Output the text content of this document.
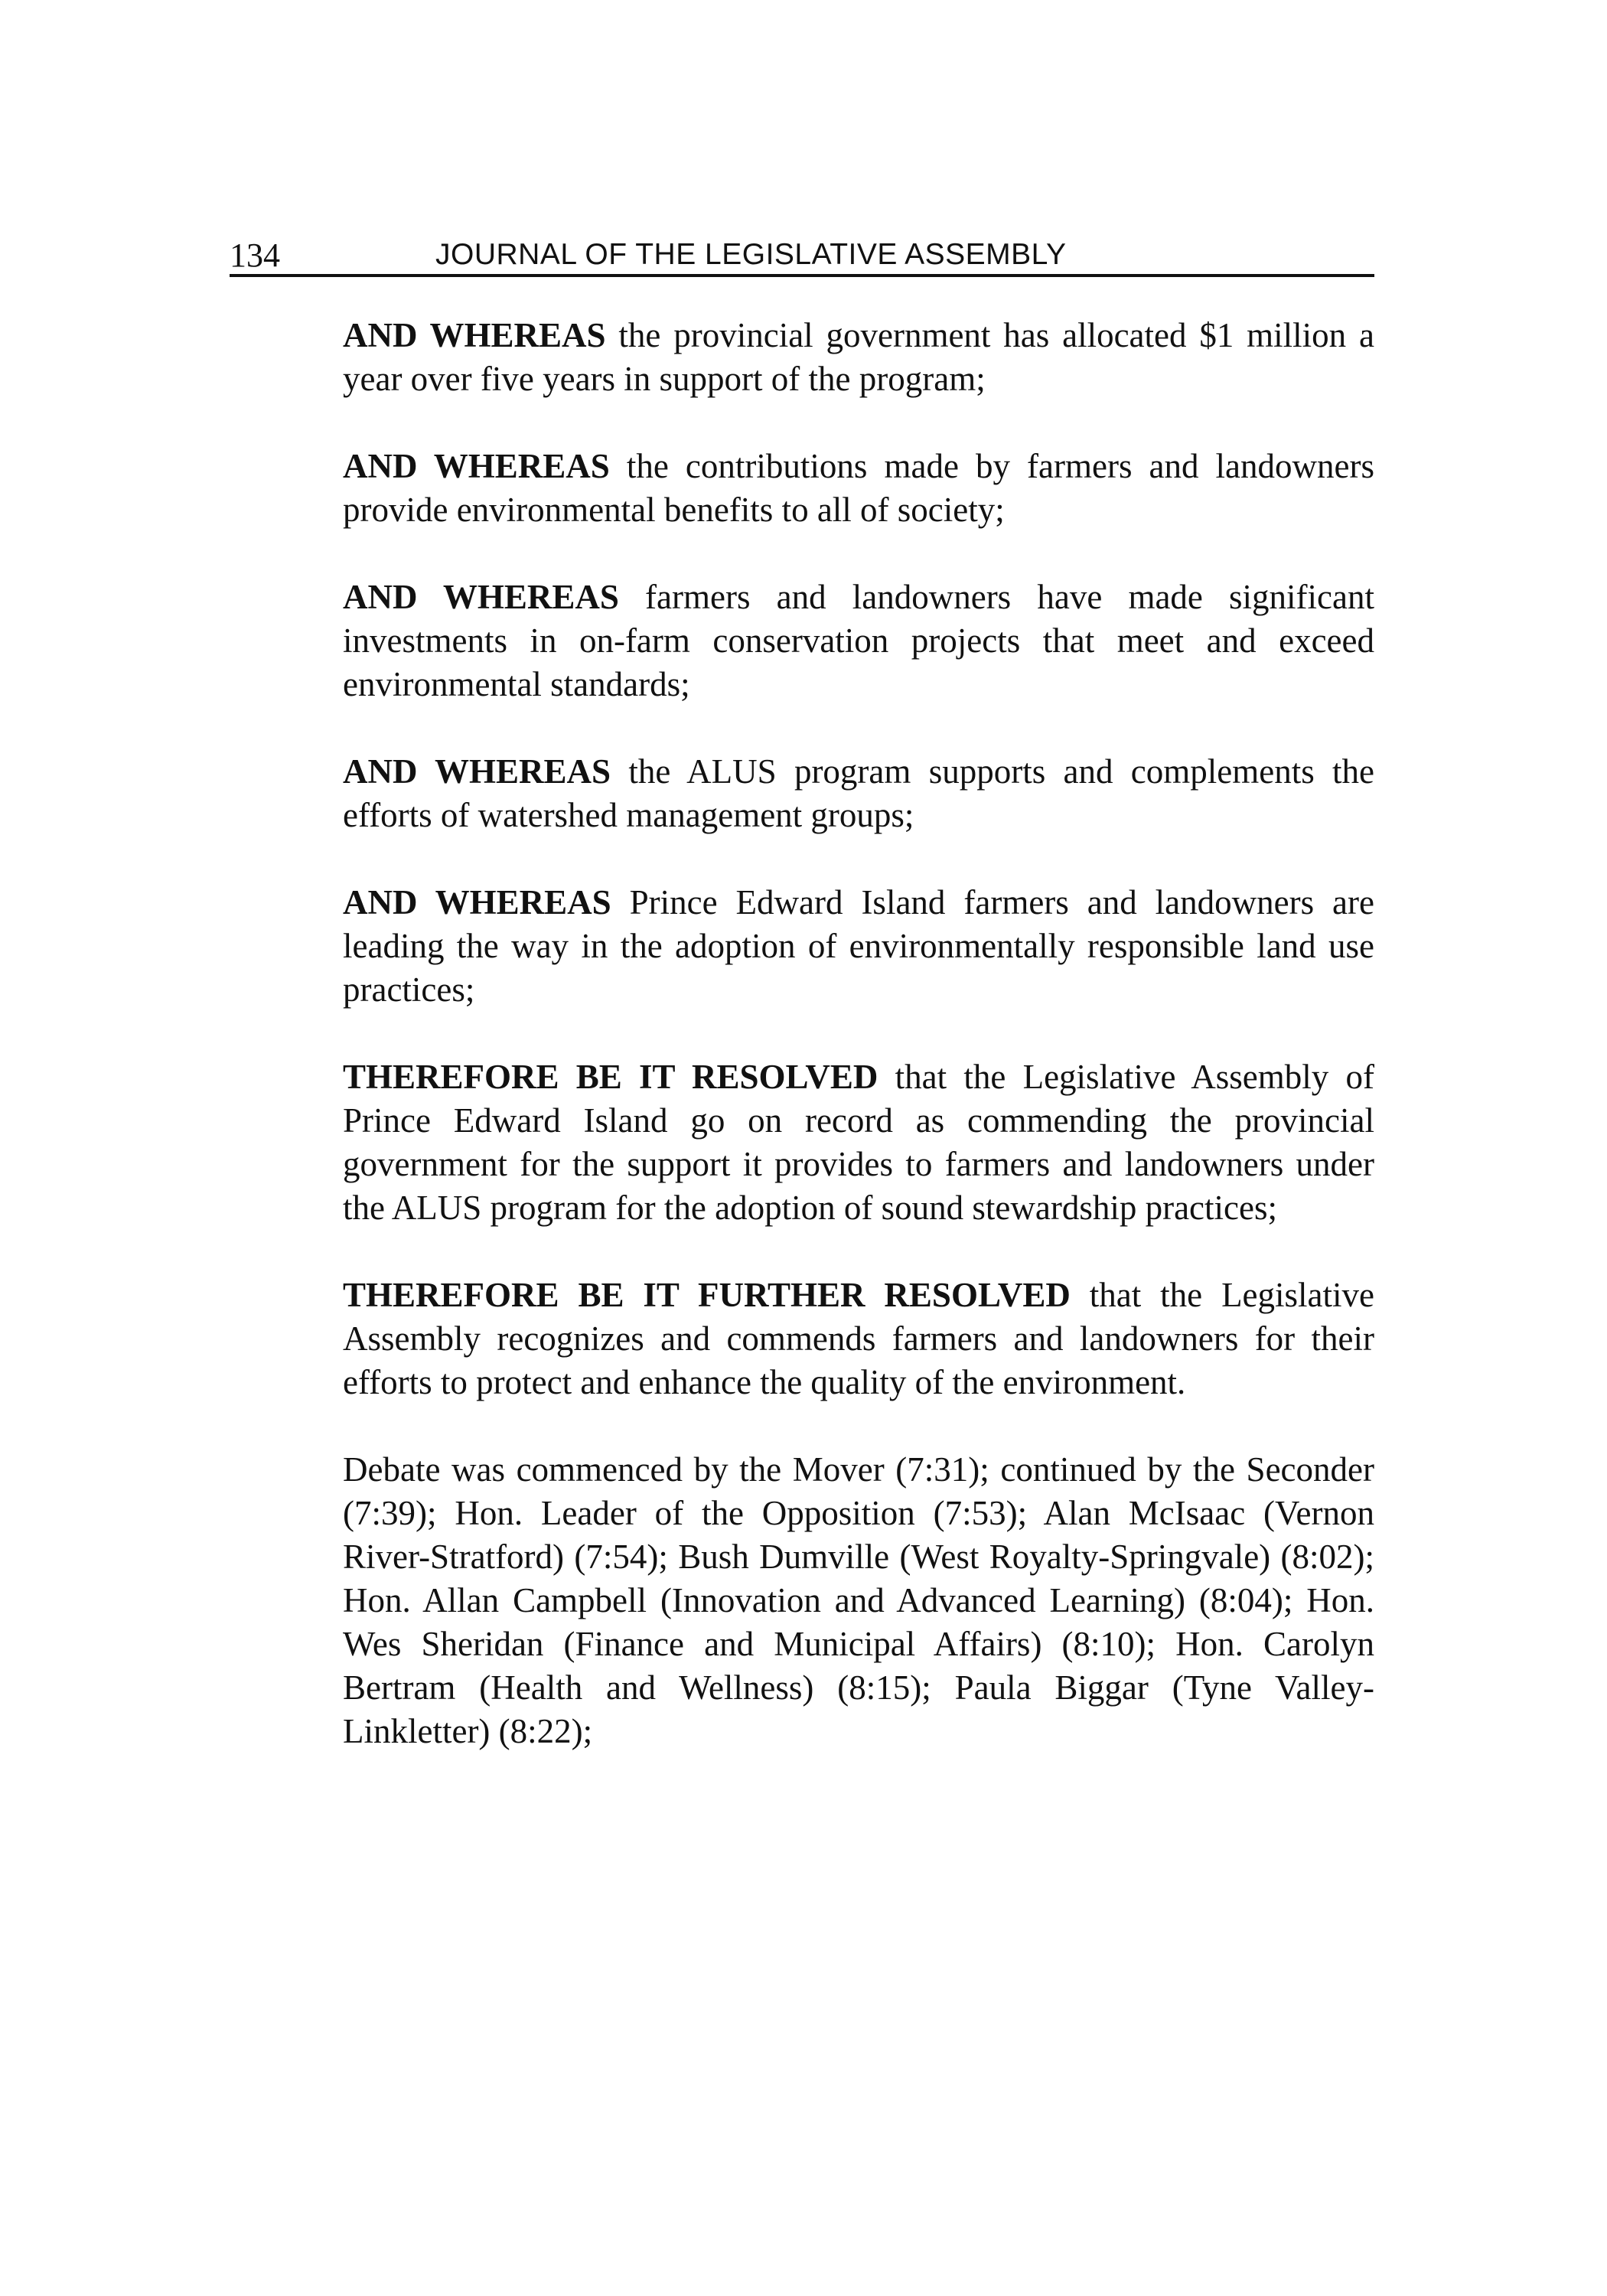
134	JOURNAL OF THE LEGISLATIVE ASSEMBLY

AND WHEREAS the provincial government has allocated $1 million a year over five years in support of the program;

AND WHEREAS the contributions made by farmers and landowners provide environmental benefits to all of society;

AND WHEREAS farmers and landowners have made significant investments in on-farm conservation projects that meet and exceed environmental standards;

AND WHEREAS the ALUS program supports and complements the efforts of watershed management groups;

AND WHEREAS Prince Edward Island farmers and landowners are leading the way in the adoption of environmentally responsible land use practices;

THEREFORE BE IT RESOLVED that the Legislative Assembly of Prince Edward Island go on record as commending the provincial government for the support it provides to farmers and landowners under the ALUS program for the adoption of sound stewardship practices;

THEREFORE BE IT FURTHER RESOLVED that the Legislative Assembly recognizes and commends farmers and landowners for their efforts to protect and enhance the quality of the environment.

Debate was commenced by the Mover (7:31); continued by the Seconder (7:39); Hon. Leader of the Opposition (7:53); Alan McIsaac (Vernon River-Stratford) (7:54); Bush Dumville (West Royalty-Springvale) (8:02); Hon. Allan Campbell (Innovation and Advanced Learning) (8:04); Hon. Wes Sheridan (Finance and Municipal Affairs) (8:10); Hon. Carolyn Bertram (Health and Wellness) (8:15); Paula Biggar (Tyne Valley-Linkletter) (8:22);
